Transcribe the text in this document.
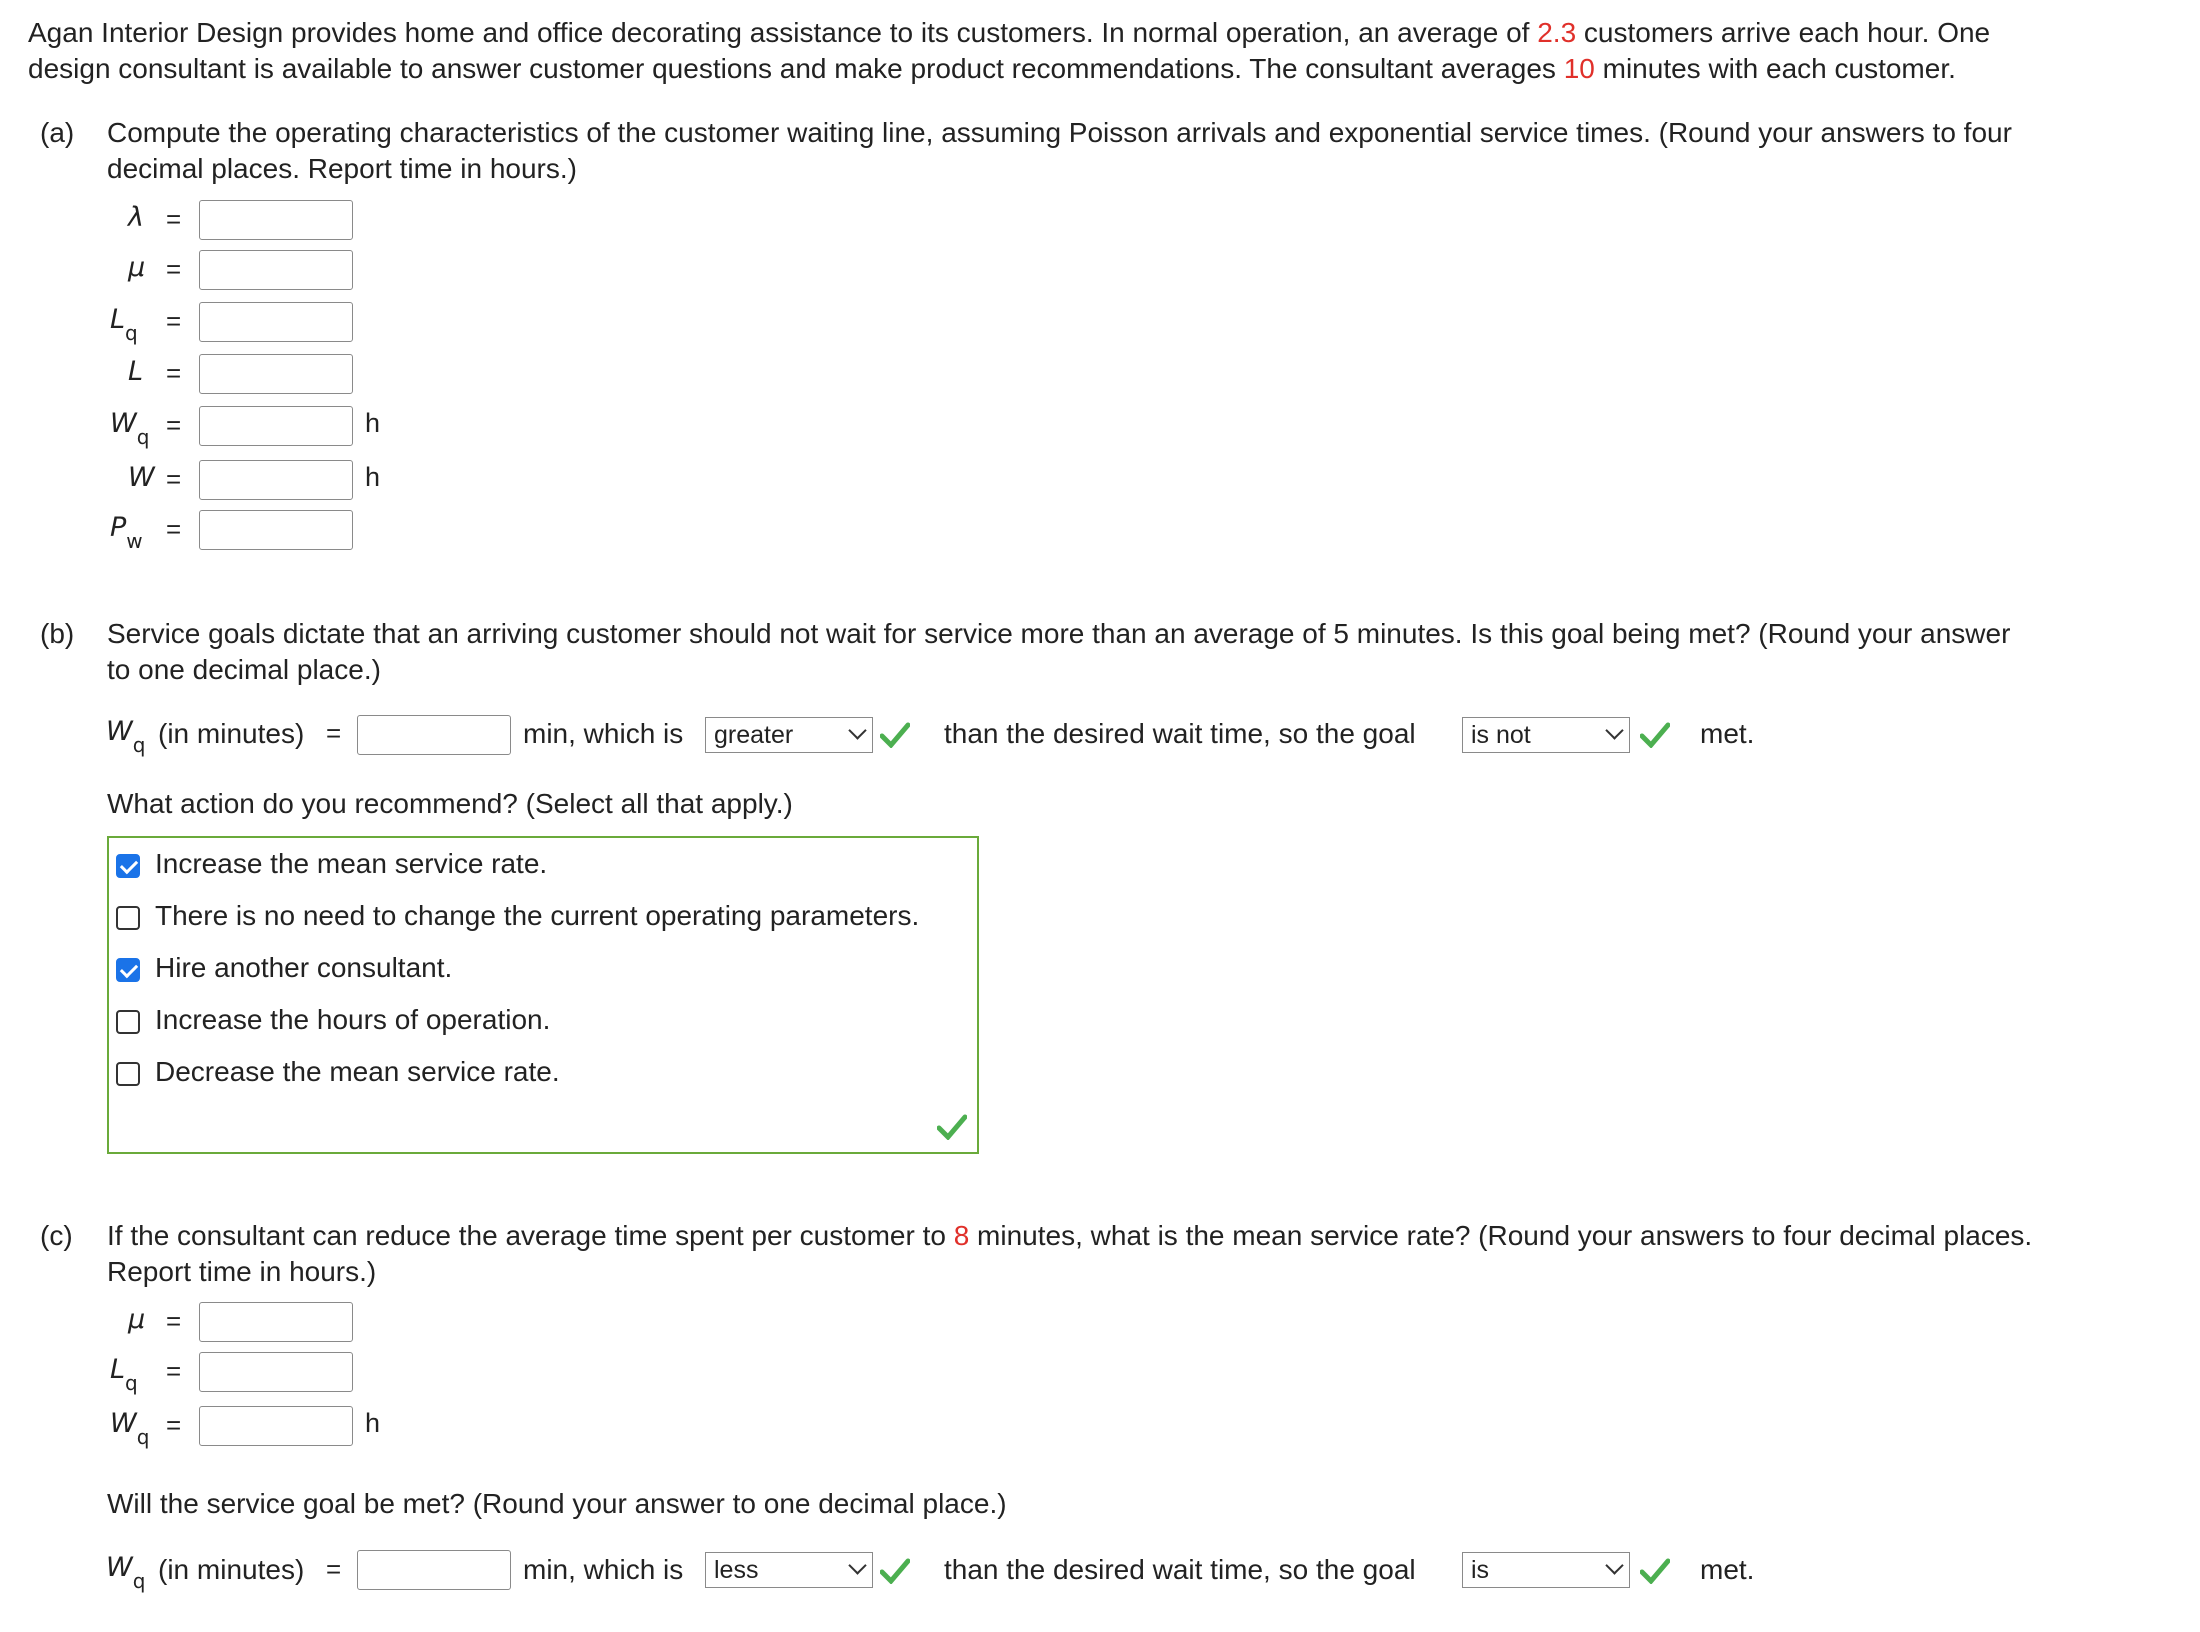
Agan Interior Design provides home and office decorating assistance to its customers. In normal operation, an average of 2.3 customers arrive each hour. One
design consultant is available to answer customer questions and make product recommendations. The consultant averages 10 minutes with each customer.
(a) Compute the operating characteristics of the customer waiting line, assuming Poisson arrivals and exponential service times. (Round your answers to four
decimal places. Report time in hours.)
λ =
μ =
$L_q$ =
L =
$W_q$ =	h
W =	h
$P_w$ =
(b) Service goals dictate that an arriving customer should not wait for service more than an average of 5 minutes. Is this goal being met? (Round your answer
to one decimal place.)
$W_q$ (in minutes) =	min, which is	greater	than the desired wait time, so the goal	is not	met.
What action do you recommend? (Select all that apply.)
Increase the mean service rate.
There is no need to change the current operating parameters.
Hire another consultant.
Increase the hours of operation.
Decrease the mean service rate.
(c) If the consultant can reduce the average time spent per customer to 8 minutes, what is the mean service rate? (Round your answers to four decimal places.
Report time in hours.)
μ =
$L_q$ =
$W_q$ =	h
Will the service goal be met? (Round your answer to one decimal place.)
$W_q$ (in minutes) =	min, which is	less	than the desired wait time, so the goal	is	met.
